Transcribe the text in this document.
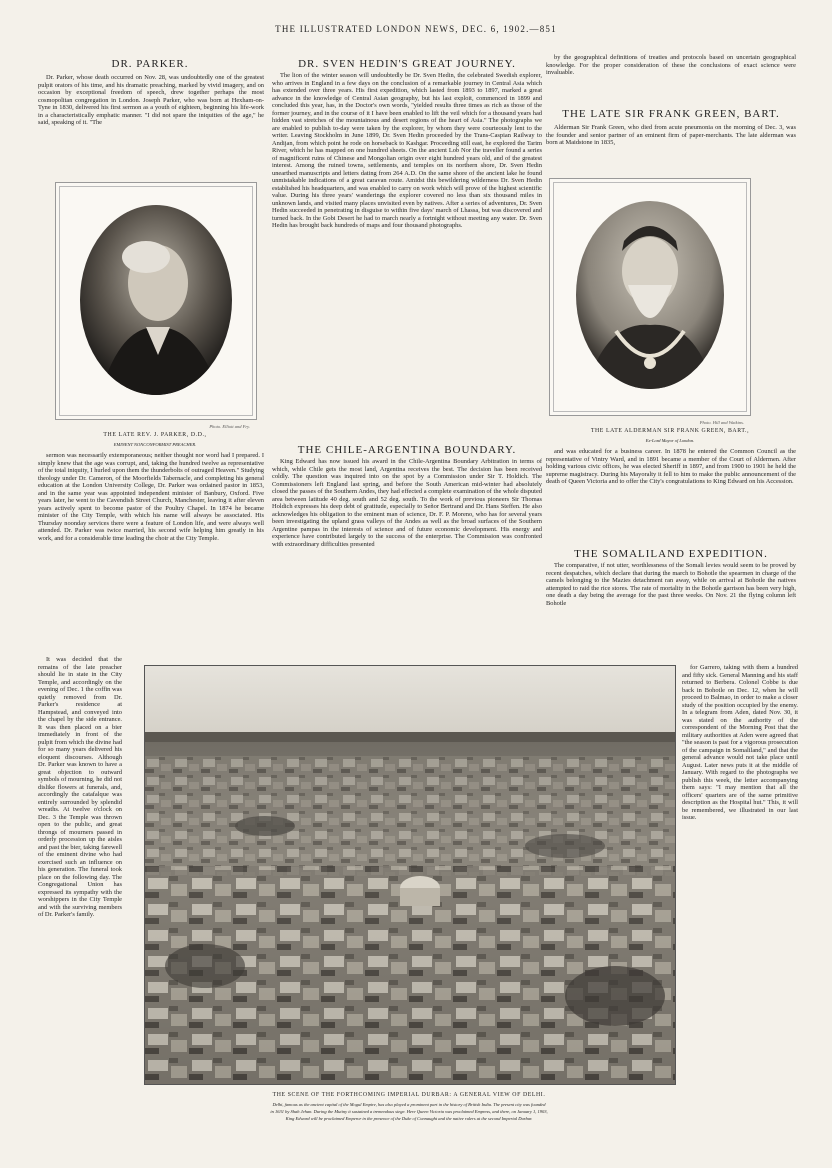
THE ILLUSTRATED LONDON NEWS, DEC. 6, 1902.—851
DR. PARKER.

Dr. Parker, whose death occurred on Nov. 28, was undoubtedly one of the greatest pulpit orators of his time, and his dramatic preaching, marked by vivid imagery, and on occasion by exceptional freedom of speech, drew together perhaps the most cosmopolitan congregation in London. Joseph Parker, who was born at Hexham-on-Tyne in 1830, delivered his first sermon as a youth of eighteen, beginning his life-work in a characteristically emphatic manner. "I did not spare the iniquities of the age," he said, speaking of it. "The

Photo. Elliott and Fry.
THE LATE REV. J. PARKER, D.D.,
EMINENT NONCONFORMIST PREACHER.

sermon was necessarily extemporaneous; neither thought nor word had I prepared. I simply knew that the age was corrupt, and, taking the hundred twelve as representative of the total iniquity, I hurled upon them the thunderbolts of outraged Heaven." Studying theology under Dr. Cameron, of the Moorfields Tabernacle, and completing his general education at the London University College, Dr. Parker was ordained pastor in 1853, and in the same year was appointed independent minister of Banbury, Oxford. Five years later, he went to the Cavendish Street Church, Manchester, leaving it after eleven years actively spent to become pastor of the Poultry Chapel. In 1874 he became minister of the City Temple, with which his name will always be associated. His Thursday noonday services there were a feature of London life, and were always well attended. Dr. Parker was twice married, his second wife helping him greatly in his work, and for a considerable time leading the choir at the City Temple.

It was decided that the remains of the late preacher should lie in state in the City Temple, and accordingly on the evening of Dec. 1 the coffin was quietly removed from Dr. Parker's residence at Hampstead, and conveyed into the chapel by the side entrance. It was then placed on a bier immediately in front of the pulpit from which the divine had for so many years delivered his eloquent discourses. Although Dr. Parker was known to have a great objection to outward symbols of mourning, he did not dislike flowers at funerals, and, accordingly the catafalque was entirely surrounded by splendid wreaths. At twelve o'clock on Dec. 3 the Temple was thrown open to the public, and great throngs of mourners passed in orderly procession up the aisles and past the bier, taking farewell of the eminent divine who had exercised such an influence on his generation. The funeral took place on the following day. The Congregational Union has expressed its sympathy with the worshippers in the City Temple and with the surviving members of Dr. Parker's family.

DR. SVEN HEDIN'S GREAT JOURNEY.

The lion of the winter season will undoubtedly be Dr. Sven Hedin, the celebrated Swedish explorer, who arrives in England in a few days on the conclusion of a remarkable journey in Central Asia which has extended over three years. His first expedition, which lasted from 1893 to 1897, marked a great advance in the knowledge of Central Asian geography, but his last exploit, commenced in 1899 and concluded this year, has, in the Doctor's own words, "yielded results three times as rich as those of the former journey, and in the course of it I have been enabled to lift the veil which for a thousand years had hidden vast stretches of the mountainous and desert regions of the heart of Asia." The photographs we are enabled to publish to-day were taken by the explorer, by whom they were courteously lent to the writer. Leaving Stockholm in June 1899, Dr. Sven Hedin proceeded by the Trans-Caspian Railway to Andijan, from which point he rode on horseback to Kashgar. Proceeding still east, he explored the Tarim River, which he has mapped on one hundred sheets. On the ancient Lob Nor the traveller found a series of magnificent ruins of Chinese and Mongolian origin over eight hundred years old, and of the greatest interest. Among the ruined towns, settlements, and temples on its northern shore, Dr. Sven Hedin unearthed manuscripts and letters dating from 264 A.D. On the same shore of the ancient lake he found unmistakable indications of a great caravan route. Amidst this bewildering wilderness Dr. Sven Hedin established his headquarters, and was enabled to carry on work which will prove of the highest scientific value. During his three years' wanderings the explorer covered no less than six thousand miles in unknown lands, and visited many places unvisited even by natives. After a series of adventures, Dr. Sven Hedin succeeded in penetrating in disguise to within five days' march of Lhassa, but was discovered and turned back. In the Gobi Desert he had to march nearly a fortnight without meeting any water. Dr. Sven Hedin has brought back hundreds of maps and four thousand photographs.

THE CHILE-ARGENTINA BOUNDARY.

King Edward has now issued his award in the Chile-Argentina Boundary Arbitration in terms of which, while Chile gets the most land, Argentina receives the best. The decision has been received coldly. The question was inquired into on the spot by a Commission under Sir T. Holdich. The Commissioners left England last spring, and before the South American mid-winter had absolutely closed the passes of the Southern Andes, they had effected a complete examination of the whole disputed area between latitude 40 deg. south and 52 deg. south. To the work of previous pioneers Sir Thomas Holdich expresses his deep debt of gratitude, especially to Señor Bertrand and Dr. Hans Steffen. He also acknowledges his obligation to the eminent man of science, Dr. F. P. Moreno, who has for several years been investigating the upland grass valleys of the Andes as well as the broad surfaces of the Southern Argentine pampas in the interests of science and of future economic development. His energy and experience have contributed largely to the success of the enterprise. The Commission was confronted with extraordinary difficulties presented

by the geographical definitions of treaties and protocols based on uncertain geographical knowledge. For the proper consideration of these the conclusions of exact science were invaluable.

THE LATE SIR FRANK GREEN, BART.

Alderman Sir Frank Green, who died from acute pneumonia on the morning of Dec. 3, was the founder and senior partner of an eminent firm of paper-merchants. The late alderman was born at Maidstone in 1835,

Photo. Hill and Watkins.
THE LATE ALDERMAN SIR FRANK GREEN, BART.,
Ex-Lord Mayor of London.

and was educated for a business career. In 1878 he entered the Common Council as the representative of Vintry Ward, and in 1891 became a member of the Court of Aldermen. After holding various civic offices, he was elected Sheriff in 1897, and from 1900 to 1901 he held the supreme magistracy. During his Mayoralty it fell to him to make the public announcement of the death of Queen Victoria and to offer the City's congratulations to King Edward on his Accession.

THE SOMALILAND EXPEDITION.

The comparative, if not utter, worthlessness of the Somali levies would seem to be proved by recent despatches, which declare that during the march to Bohotle the spearmen in charge of the camels belonging to the Mazies detachment ran away, while on arrival at Bohotle the natives attempted to raid the rice stores. The rate of mortality in the Bohotle garrison has been very high, one death a day being the average for the past three weeks. On Nov. 21 the flying column left Bohotle

for Garrero, taking with them a hundred and fifty sick. General Manning and his staff returned to Berbera. Colonel Cobbe is due back in Bohotle on Dec. 12, when he will proceed to Balmao, in order to make a closer study of the position occupied by the enemy. In a telegram from Aden, dated Nov. 30, it was stated on the authority of the correspondent of the Morning Post that the military authorities at Aden were agreed that "the season is past for a vigorous prosecution of the campaign in Somaliland," and that the general advance would not take place until August. Later news puts it at the middle of January. With regard to the photographs we publish this week, the letter accompanying them says: "I may mention that all the officers' quarters are of the same primitive description as the Hospital hut." This, it will be remembered, we illustrated in our last issue.

THE SCENE OF THE FORTHCOMING IMPERIAL DURBAR: A GENERAL VIEW OF DELHI.
Delhi, famous as the ancient capital of the Mogul Empire, has also played a prominent part in the history of British India. The present city was founded
in 1631 by Shah Jehan. During the Mutiny it sustained a tremendous siege. Here Queen Victoria was proclaimed Empress, and there, on January 1, 1903,
King Edward will be proclaimed Emperor in the presence of the Duke of Connaught and the native rulers at the second Imperial Durbar.
